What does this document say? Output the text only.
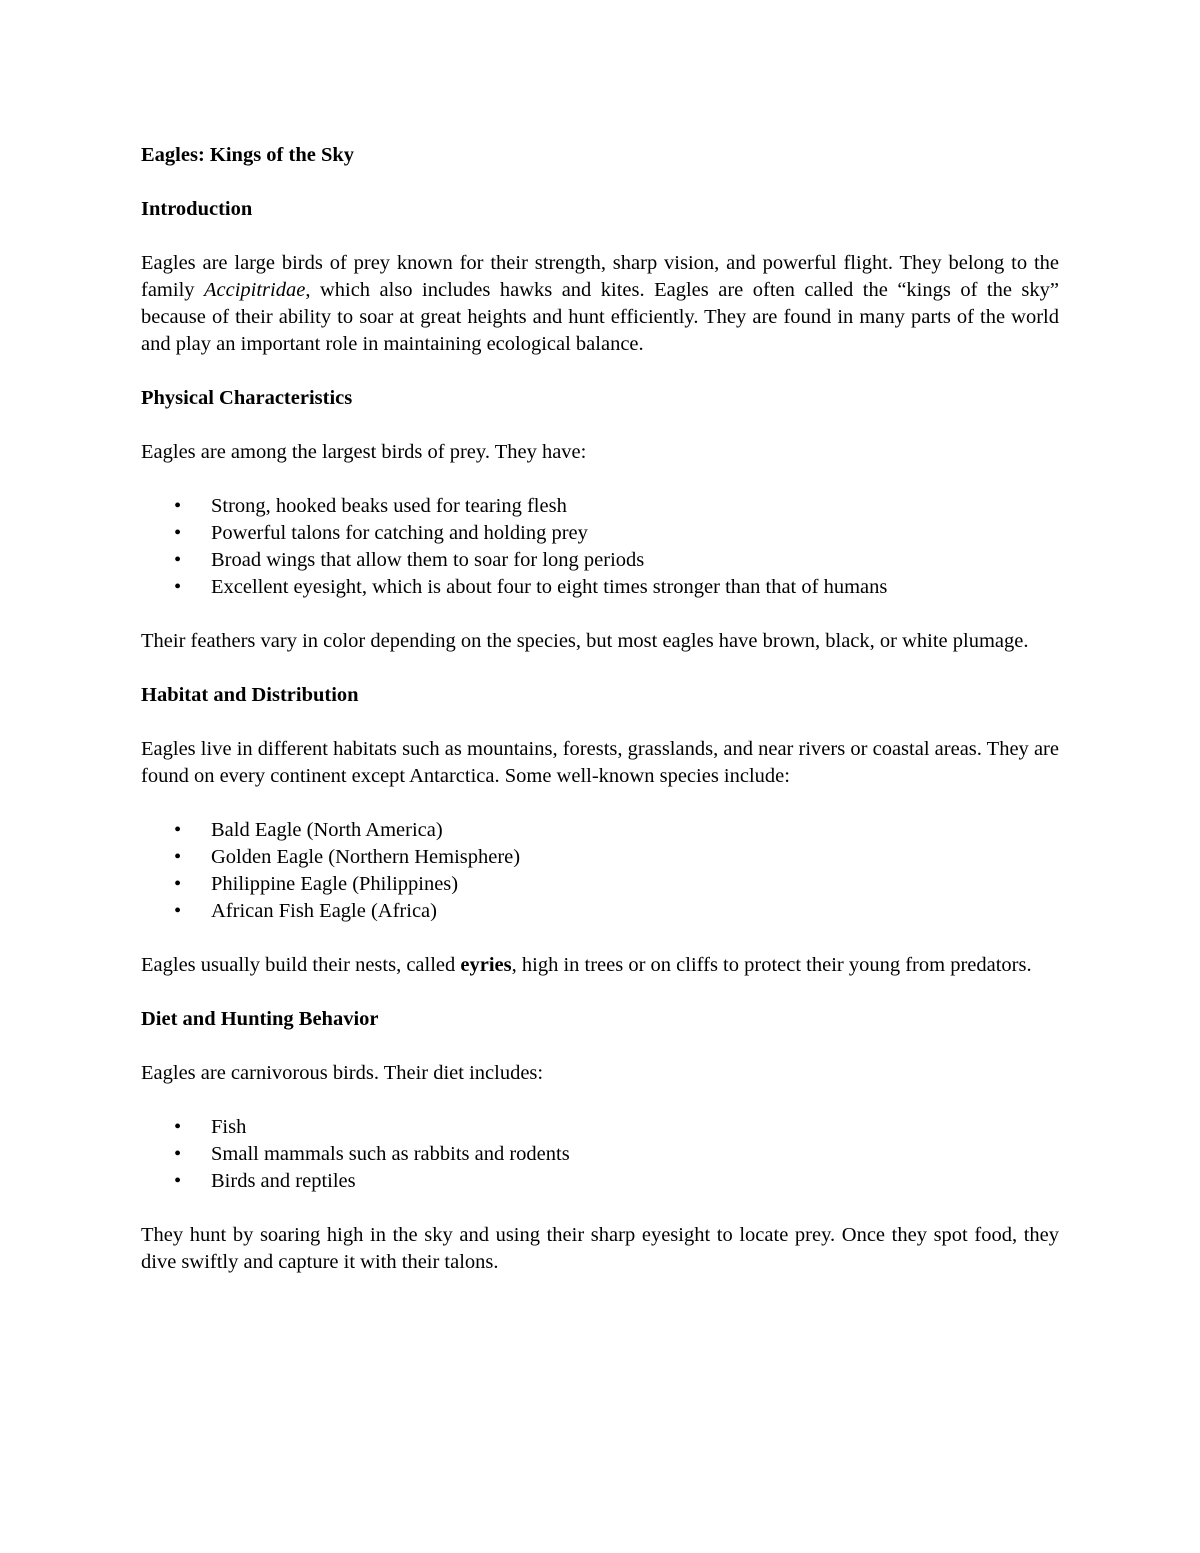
Eagles: Kings of the Sky

Introduction

Eagles are large birds of prey known for their strength, sharp vision, and powerful flight. They belong to the family Accipitridae, which also includes hawks and kites. Eagles are often called the “kings of the sky” because of their ability to soar at great heights and hunt efficiently. They are found in many parts of the world and play an important role in maintaining ecological balance.

Physical Characteristics

Eagles are among the largest birds of prey. They have:

• Strong, hooked beaks used for tearing flesh
• Powerful talons for catching and holding prey
• Broad wings that allow them to soar for long periods
• Excellent eyesight, which is about four to eight times stronger than that of humans

Their feathers vary in color depending on the species, but most eagles have brown, black, or white plumage.

Habitat and Distribution

Eagles live in different habitats such as mountains, forests, grasslands, and near rivers or coastal areas. They are found on every continent except Antarctica. Some well-known species include:

• Bald Eagle (North America)
• Golden Eagle (Northern Hemisphere)
• Philippine Eagle (Philippines)
• African Fish Eagle (Africa)

Eagles usually build their nests, called eyries, high in trees or on cliffs to protect their young from predators.

Diet and Hunting Behavior

Eagles are carnivorous birds. Their diet includes:

• Fish
• Small mammals such as rabbits and rodents
• Birds and reptiles

They hunt by soaring high in the sky and using their sharp eyesight to locate prey. Once they spot food, they dive swiftly and capture it with their talons.
